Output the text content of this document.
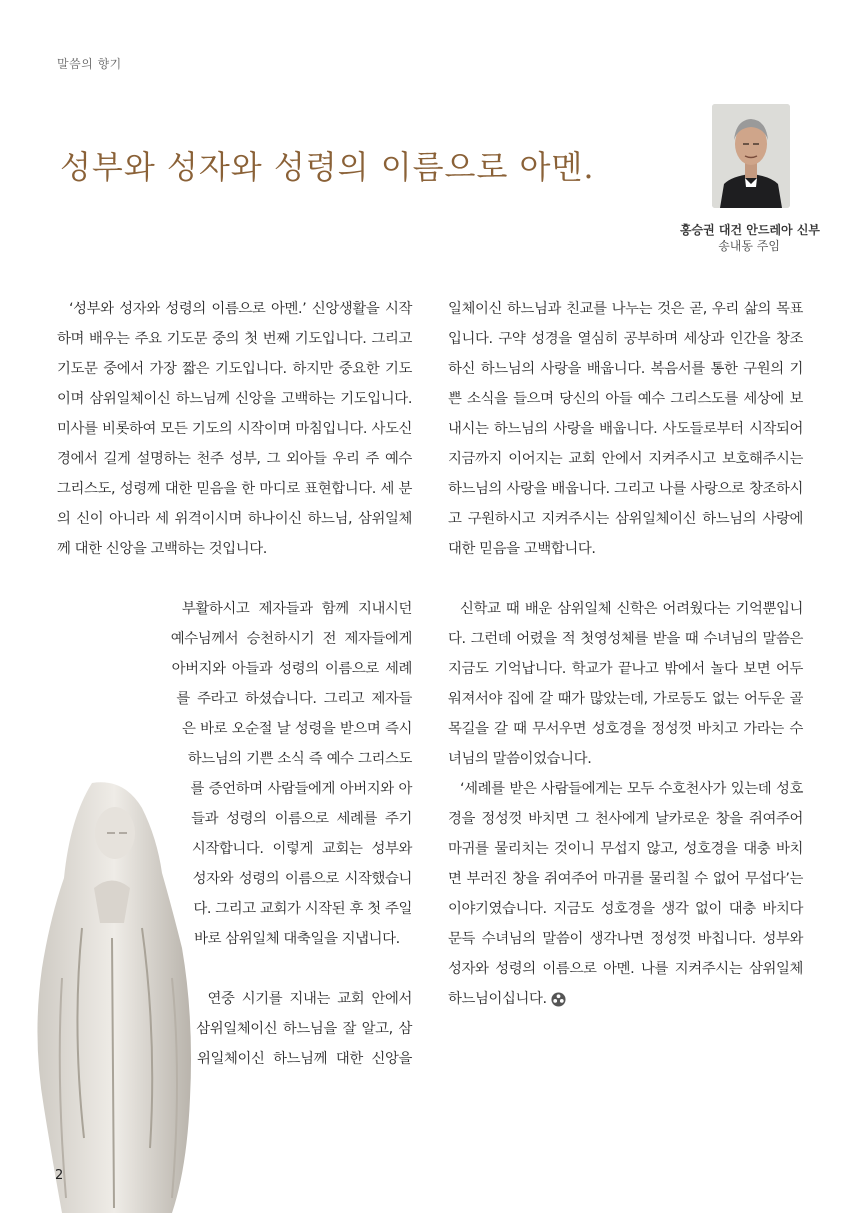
말씀의 향기
성부와 성자와 성령의 이름으로 아멘.
홍승권 대건 안드레아 신부
송내동 주임

‘성부와 성자와 성령의 이름으로 아멘.’ 신앙생활을 시작하며 배우는 주요 기도문 중의 첫 번째 기도입니다. 그리고 기도문 중에서 가장 짧은 기도입니다. 하지만 중요한 기도이며 삼위일체이신 하느님께 신앙을 고백하는 기도입니다. 미사를 비롯하여 모든 기도의 시작이며 마침입니다. 사도신경에서 길게 설명하는 천주 성부, 그 외아들 우리 주 예수 그리스도, 성령께 대한 믿음을 한 마디로 표현합니다. 세 분의 신이 아니라 세 위격이시며 하나이신 하느님, 삼위일체께 대한 신앙을 고백하는 것입니다.

부활하시고 제자들과 함께 지내시던 예수님께서 승천하시기 전 제자들에게 아버지와 아들과 성령의 이름으로 세례를 주라고 하셨습니다. 그리고 제자들은 바로 오순절 날 성령을 받으며 즉시 하느님의 기쁜 소식 즉 예수 그리스도를 증언하며 사람들에게 아버지와 아들과 성령의 이름으로 세례를 주기 시작합니다. 이렇게 교회는 성부와 성자와 성령의 이름으로 시작했습니다. 그리고 교회가 시작된 후 첫 주일 바로 삼위일체 대축일을 지냅니다.

연중 시기를 지내는 교회 안에서 삼위일체이신 하느님을 잘 알고, 삼위일체이신 하느님께 대한 신앙을

일체이신 하느님과 친교를 나누는 것은 곧, 우리 삶의 목표입니다. 구약 성경을 열심히 공부하며 세상과 인간을 창조하신 하느님의 사랑을 배웁니다. 복음서를 통한 구원의 기쁜 소식을 들으며 당신의 아들 예수 그리스도를 세상에 보내시는 하느님의 사랑을 배웁니다. 사도들로부터 시작되어 지금까지 이어지는 교회 안에서 지켜주시고 보호해주시는 하느님의 사랑을 배웁니다. 그리고 나를 사랑으로 창조하시고 구원하시고 지켜주시는 삼위일체이신 하느님의 사랑에 대한 믿음을 고백합니다.

신학교 때 배운 삼위일체 신학은 어려웠다는 기억뿐입니다. 그런데 어렸을 적 첫영성체를 받을 때 수녀님의 말씀은 지금도 기억납니다. 학교가 끝나고 밖에서 놀다 보면 어두워져서야 집에 갈 때가 많았는데, 가로등도 없는 어두운 골목길을 갈 때 무서우면 성호경을 정성껏 바치고 가라는 수녀님의 말씀이었습니다.

‘세례를 받은 사람들에게는 모두 수호천사가 있는데 성호경을 정성껏 바치면 그 천사에게 날카로운 창을 쥐여주어 마귀를 물리치는 것이니 무섭지 않고, 성호경을 대충 바치면 부러진 창을 쥐여주어 마귀를 물리칠 수 없어 무섭다’는 이야기였습니다. 지금도 성호경을 생각 없이 대충 바치다 문득 수녀님의 말씀이 생각나면 정성껏 바칩니다. 성부와 성자와 성령의 이름으로 아멘. 나를 지켜주시는 삼위일체 하느님이십니다.

2
